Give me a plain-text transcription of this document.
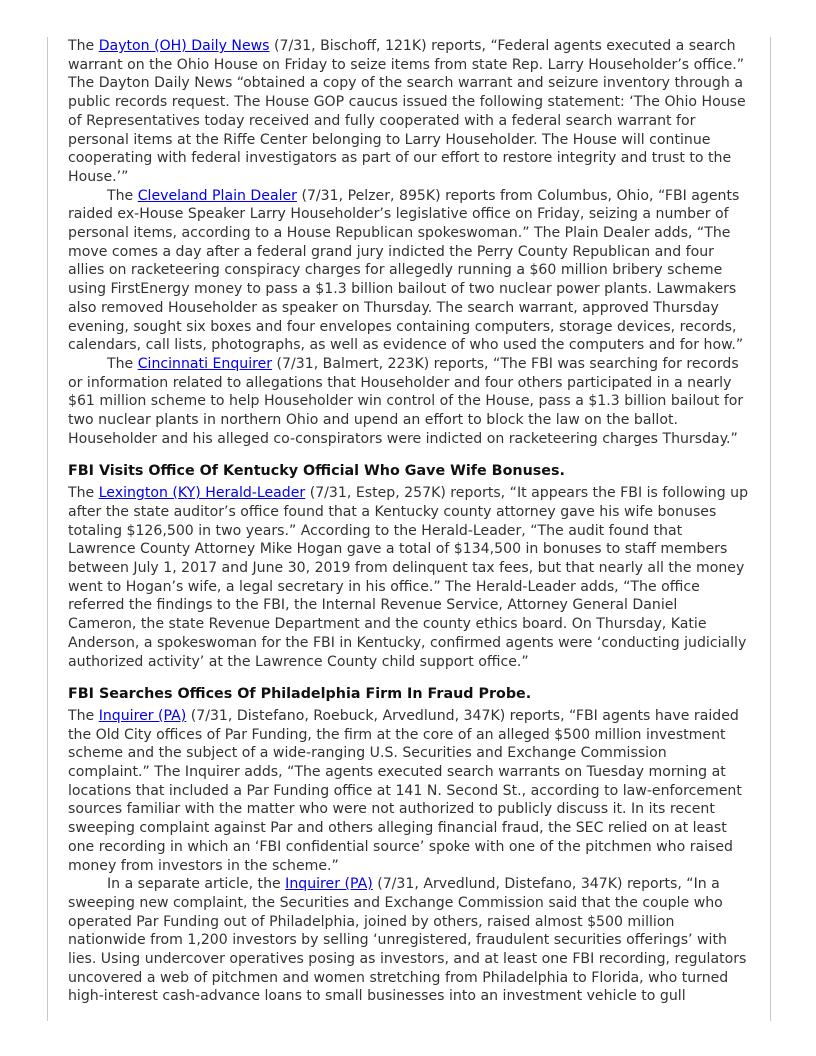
The Dayton (OH) Daily News (7/31, Bischoff, 121K) reports, “Federal agents executed a search warrant on the Ohio House on Friday to seize items from state Rep. Larry Householder’s office.” The Dayton Daily News “obtained a copy of the search warrant and seizure inventory through a public records request. The House GOP caucus issued the following statement: ‘The Ohio House of Representatives today received and fully cooperated with a federal search warrant for personal items at the Riffe Center belonging to Larry Householder. The House will continue cooperating with federal investigators as part of our effort to restore integrity and trust to the House.’”

The Cleveland Plain Dealer (7/31, Pelzer, 895K) reports from Columbus, Ohio, “FBI agents raided ex-House Speaker Larry Householder’s legislative office on Friday, seizing a number of personal items, according to a House Republican spokeswoman.” The Plain Dealer adds, “The move comes a day after a federal grand jury indicted the Perry County Republican and four allies on racketeering conspiracy charges for allegedly running a $60 million bribery scheme using FirstEnergy money to pass a $1.3 billion bailout of two nuclear power plants. Lawmakers also removed Householder as speaker on Thursday. The search warrant, approved Thursday evening, sought six boxes and four envelopes containing computers, storage devices, records, calendars, call lists, photographs, as well as evidence of who used the computers and for how.”

The Cincinnati Enquirer (7/31, Balmert, 223K) reports, “The FBI was searching for records or information related to allegations that Householder and four others participated in a nearly $61 million scheme to help Householder win control of the House, pass a $1.3 billion bailout for two nuclear plants in northern Ohio and upend an effort to block the law on the ballot. Householder and his alleged co-conspirators were indicted on racketeering charges Thursday.”

FBI Visits Office Of Kentucky Official Who Gave Wife Bonuses.

The Lexington (KY) Herald-Leader (7/31, Estep, 257K) reports, “It appears the FBI is following up after the state auditor’s office found that a Kentucky county attorney gave his wife bonuses totaling $126,500 in two years.” According to the Herald-Leader, “The audit found that Lawrence County Attorney Mike Hogan gave a total of $134,500 in bonuses to staff members between July 1, 2017 and June 30, 2019 from delinquent tax fees, but that nearly all the money went to Hogan’s wife, a legal secretary in his office.” The Herald-Leader adds, “The office referred the findings to the FBI, the Internal Revenue Service, Attorney General Daniel Cameron, the state Revenue Department and the county ethics board. On Thursday, Katie Anderson, a spokeswoman for the FBI in Kentucky, confirmed agents were ‘conducting judicially authorized activity’ at the Lawrence County child support office.”

FBI Searches Offices Of Philadelphia Firm In Fraud Probe.

The Inquirer (PA) (7/31, Distefano, Roebuck, Arvedlund, 347K) reports, “FBI agents have raided the Old City offices of Par Funding, the firm at the core of an alleged $500 million investment scheme and the subject of a wide-ranging U.S. Securities and Exchange Commission complaint.” The Inquirer adds, “The agents executed search warrants on Tuesday morning at locations that included a Par Funding office at 141 N. Second St., according to law-enforcement sources familiar with the matter who were not authorized to publicly discuss it. In its recent sweeping complaint against Par and others alleging financial fraud, the SEC relied on at least one recording in which an ‘FBI confidential source’ spoke with one of the pitchmen who raised money from investors in the scheme.”

In a separate article, the Inquirer (PA) (7/31, Arvedlund, Distefano, 347K) reports, “In a sweeping new complaint, the Securities and Exchange Commission said that the couple who operated Par Funding out of Philadelphia, joined by others, raised almost $500 million nationwide from 1,200 investors by selling ‘unregistered, fraudulent securities offerings’ with lies. Using undercover operatives posing as investors, and at least one FBI recording, regulators uncovered a web of pitchmen and women stretching from Philadelphia to Florida, who turned high-interest cash-advance loans to small businesses into an investment vehicle to gull
